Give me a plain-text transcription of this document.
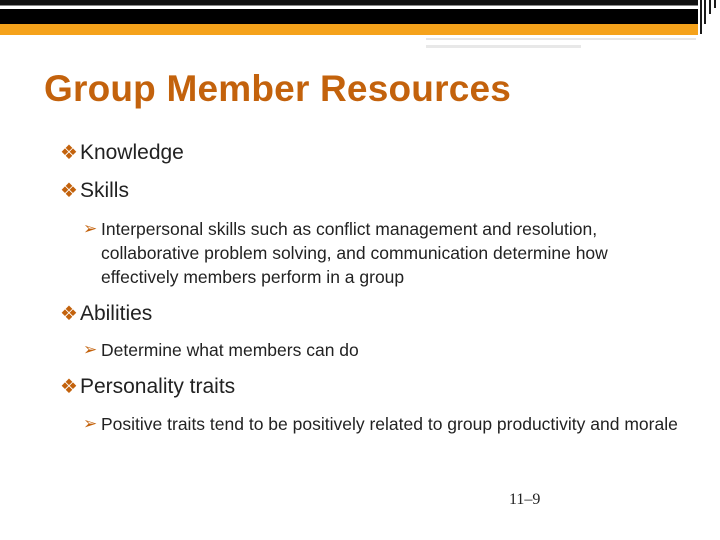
Group Member Resources
❖Knowledge
❖Skills
➢ Interpersonal skills such as conflict management and resolution, collaborative problem solving, and communication determine how effectively members perform in a group
❖Abilities
➢ Determine what members can do
❖Personality traits
➢ Positive traits tend to be positively related to group productivity and morale
11–9
